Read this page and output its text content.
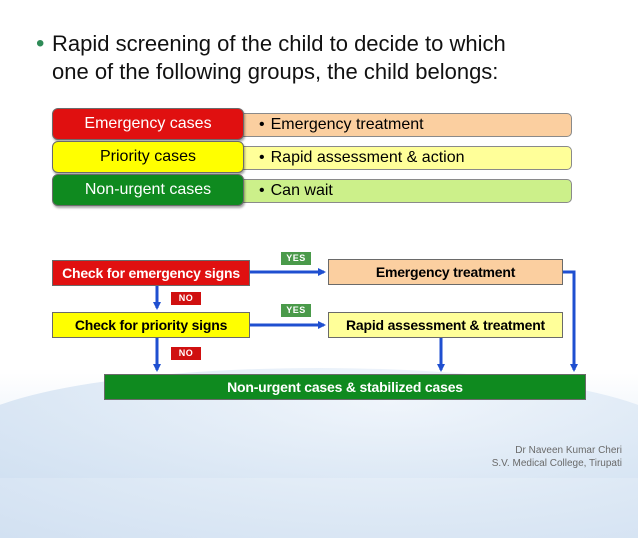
• Rapid screening of the child to decide to which
one of the following groups, the child belongs:
• Emergency treatment
• Rapid assessment & action
• Can wait
Emergency cases
Priority cases
Non-urgent cases
Check for emergency signs
Check for priority signs
Emergency treatment
Rapid assessment & treatment
Non-urgent cases & stabilized cases
YES
YES
NO
NO
Dr Naveen Kumar Cheri
S.V. Medical College, Tirupati
